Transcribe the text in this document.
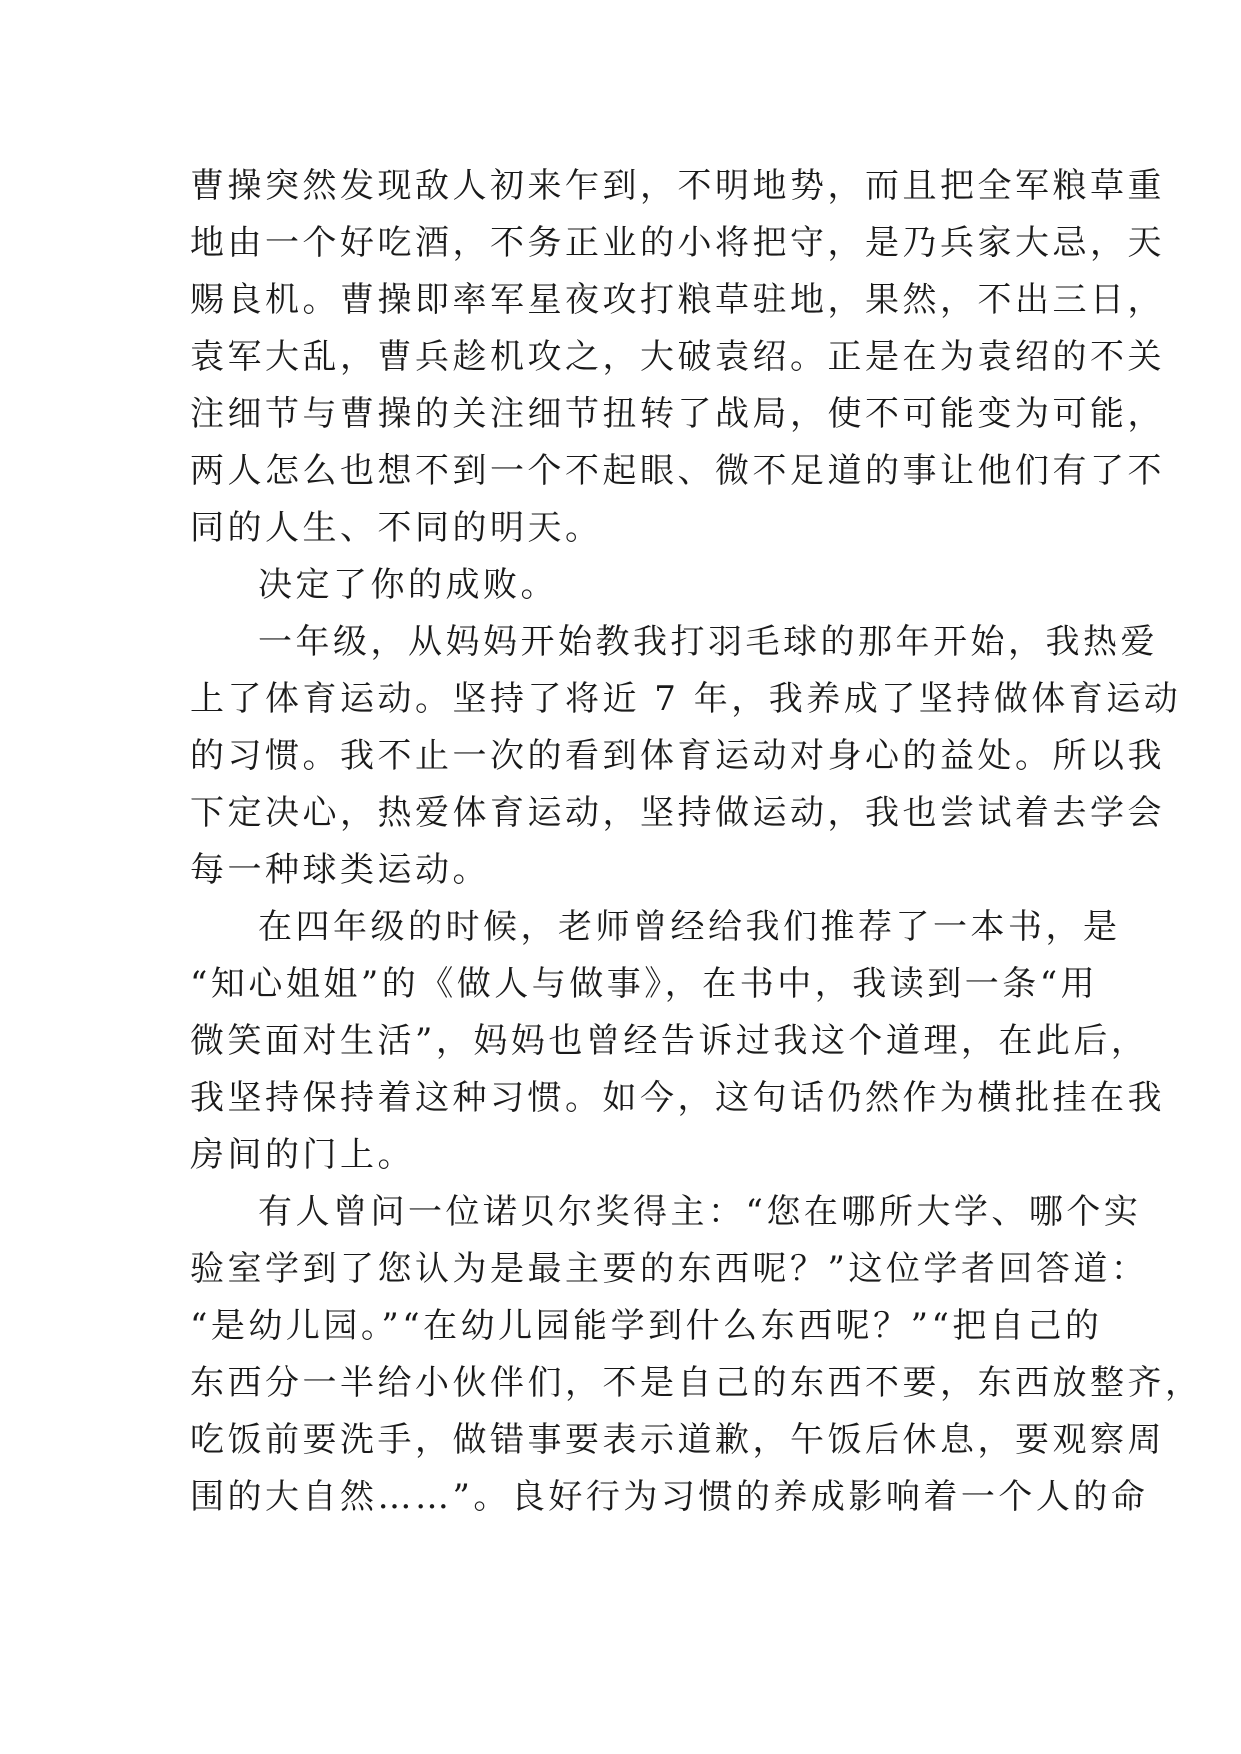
曹操突然发现敌人初来乍到，不明地势，而且把全军粮草重
地由一个好吃酒，不务正业的小将把守，是乃兵家大忌，天
赐良机。曹操即率军星夜攻打粮草驻地，果然，不出三日，
袁军大乱，曹兵趁机攻之，大破袁绍。正是在为袁绍的不关
注细节与曹操的关注细节扭转了战局，使不可能变为可能，
两人怎么也想不到一个不起眼、微不足道的事让他们有了不
同的人生、不同的明天。
决定了你的成败。
一年级，从妈妈开始教我打羽毛球的那年开始，我热爱
上了体育运动。坚持了将近 7 年，我养成了坚持做体育运动
的习惯。我不止一次的看到体育运动对身心的益处。所以我
下定决心，热爱体育运动，坚持做运动，我也尝试着去学会
每一种球类运动。
在四年级的时候，老师曾经给我们推荐了一本书，是
“知心姐姐”的《做人与做事》，在书中，我读到一条“用
微笑面对生活”，妈妈也曾经告诉过我这个道理，在此后，
我坚持保持着这种习惯。如今，这句话仍然作为横批挂在我
房间的门上。
有人曾问一位诺贝尔奖得主：“您在哪所大学、哪个实
验室学到了您认为是最主要的东西呢？”这位学者回答道：
“是幼儿园。”“在幼儿园能学到什么东西呢？”“把自己的
东西分一半给小伙伴们，不是自己的东西不要，东西放整齐，
吃饭前要洗手，做错事要表示道歉，午饭后休息，要观察周
围的大自然……”。良好行为习惯的养成影响着一个人的命
